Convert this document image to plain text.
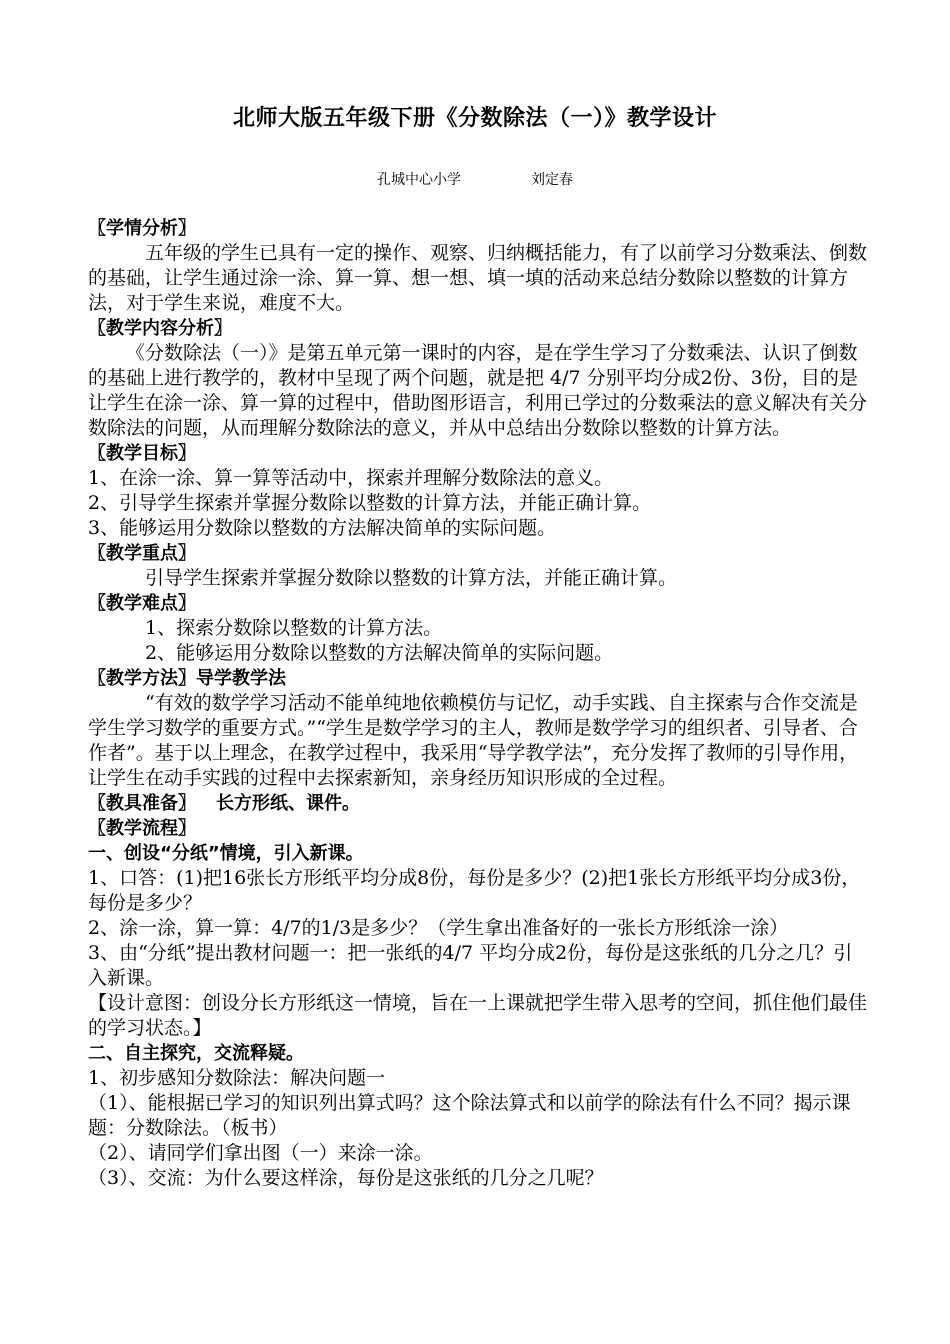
北师大版五年级下册《分数除法（一）》教学设计
孔城中心小学	刘定春
〖学情分析〗

五年级的学生已具有一定的操作、观察、归纳概括能力，有了以前学习分数乘法、倒数的基础，让学生通过涂一涂、算一算、想一想、填一填的活动来总结分数除以整数的计算方法，对于学生来说，难度不大。

〖教学内容分析〗

《分数除法（一）》是第五单元第一课时的内容，是在学生学习了分数乘法、认识了倒数的基础上进行教学的，教材中呈现了两个问题，就是把 4/7 分别平均分成2份、3份，目的是让学生在涂一涂、算一算的过程中，借助图形语言，利用已学过的分数乘法的意义解决有关分数除法的问题，从而理解分数除法的意义，并从中总结出分数除以整数的计算方法。

〖教学目标〗

1、在涂一涂、算一算等活动中，探索并理解分数除法的意义。

2、引导学生探索并掌握分数除以整数的计算方法，并能正确计算。

3、能够运用分数除以整数的方法解决简单的实际问题。

〖教学重点〗

引导学生探索并掌握分数除以整数的计算方法，并能正确计算。

〖教学难点〗

1、探索分数除以整数的计算方法。

2、能够运用分数除以整数的方法解决简单的实际问题。

〖教学方法〗导学教学法

“有效的数学学习活动不能单纯地依赖模仿与记忆，动手实践、自主探索与合作交流是学生学习数学的重要方式。”“学生是数学学习的主人，教师是数学学习的组织者、引导者、合作者”。基于以上理念，在教学过程中，我采用“导学教学法”，充分发挥了教师的引导作用，让学生在动手实践的过程中去探索新知，亲身经历知识形成的全过程。

〖教具准备〗 长方形纸、课件。
〖教学流程〗
一、创设“分纸”情境，引入新课。

1、口答：(1)把16张长方形纸平均分成8份，每份是多少？(2)把1张长方形纸平均分成3份，每份是多少？

2、涂一涂，算一算：4/7的1/3是多少？（学生拿出准备好的一张长方形纸涂一涂）

3、由“分纸”提出教材问题一：把一张纸的4/7 平均分成2份，每份是这张纸的几分之几？引入新课。

【设计意图：创设分长方形纸这一情境，旨在一上课就把学生带入思考的空间，抓住他们最佳的学习状态。】

二、自主探究，交流释疑。

1、初步感知分数除法：解决问题一

（1）、能根据已学习的知识列出算式吗？这个除法算式和以前学的除法有什么不同？揭示课题：分数除法。（板书）

（2）、请同学们拿出图（一）来涂一涂。

（3）、交流：为什么要这样涂，每份是这张纸的几分之几呢？
